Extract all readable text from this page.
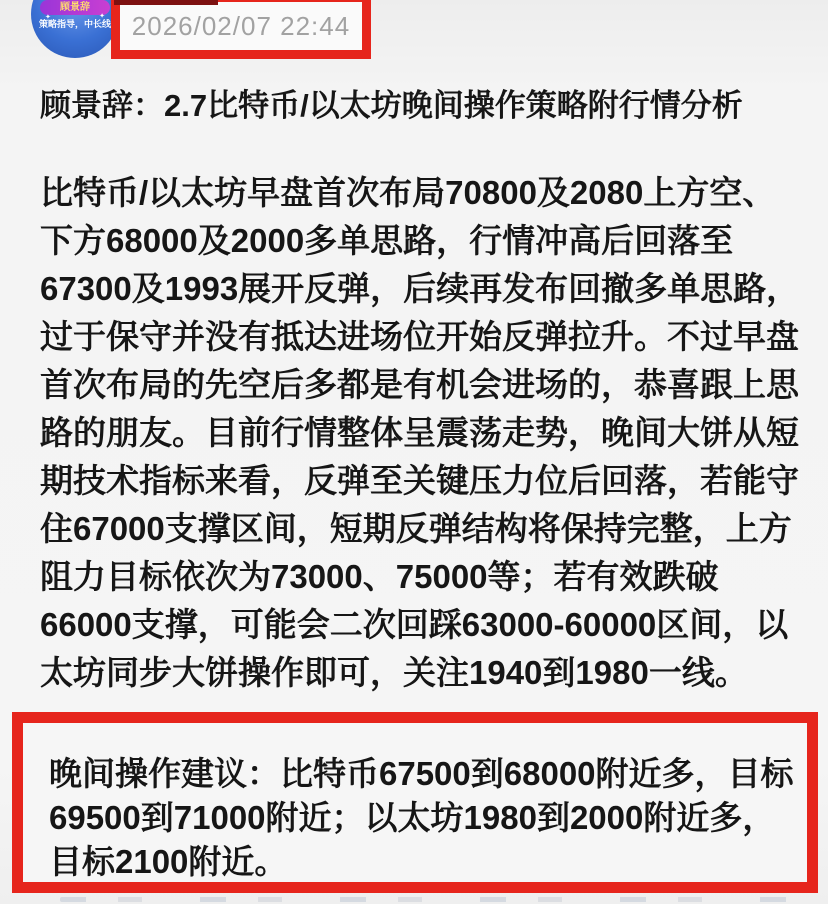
顾景辞
✦	✦
策略指导，中长线 2026/02/07 22:44
顾景辞：2.7比特币/以太坊晚间操作策略附行情分析
比特币/以太坊早盘首次布局70800及2080上方空、
下方68000及2000多单思路，行情冲高后回落至
67300及1993展开反弹，后续再发布回撤多单思路，
过于保守并没有抵达进场位开始反弹拉升。不过早盘
首次布局的先空后多都是有机会进场的，恭喜跟上思
路的朋友。目前行情整体呈震荡走势，晚间大饼从短
期技术指标来看，反弹至关键压力位后回落，若能守
住67000支撑区间，短期反弹结构将保持完整，上方
阻力目标依次为73000、75000等；若有效跌破
66000支撑，可能会二次回踩63000-60000区间，以
太坊同步大饼操作即可，关注1940到1980一线。
晚间操作建议：比特币67500到68000附近多，目标
69500到71000附近；以太坊1980到2000附近多，
目标2100附近。
